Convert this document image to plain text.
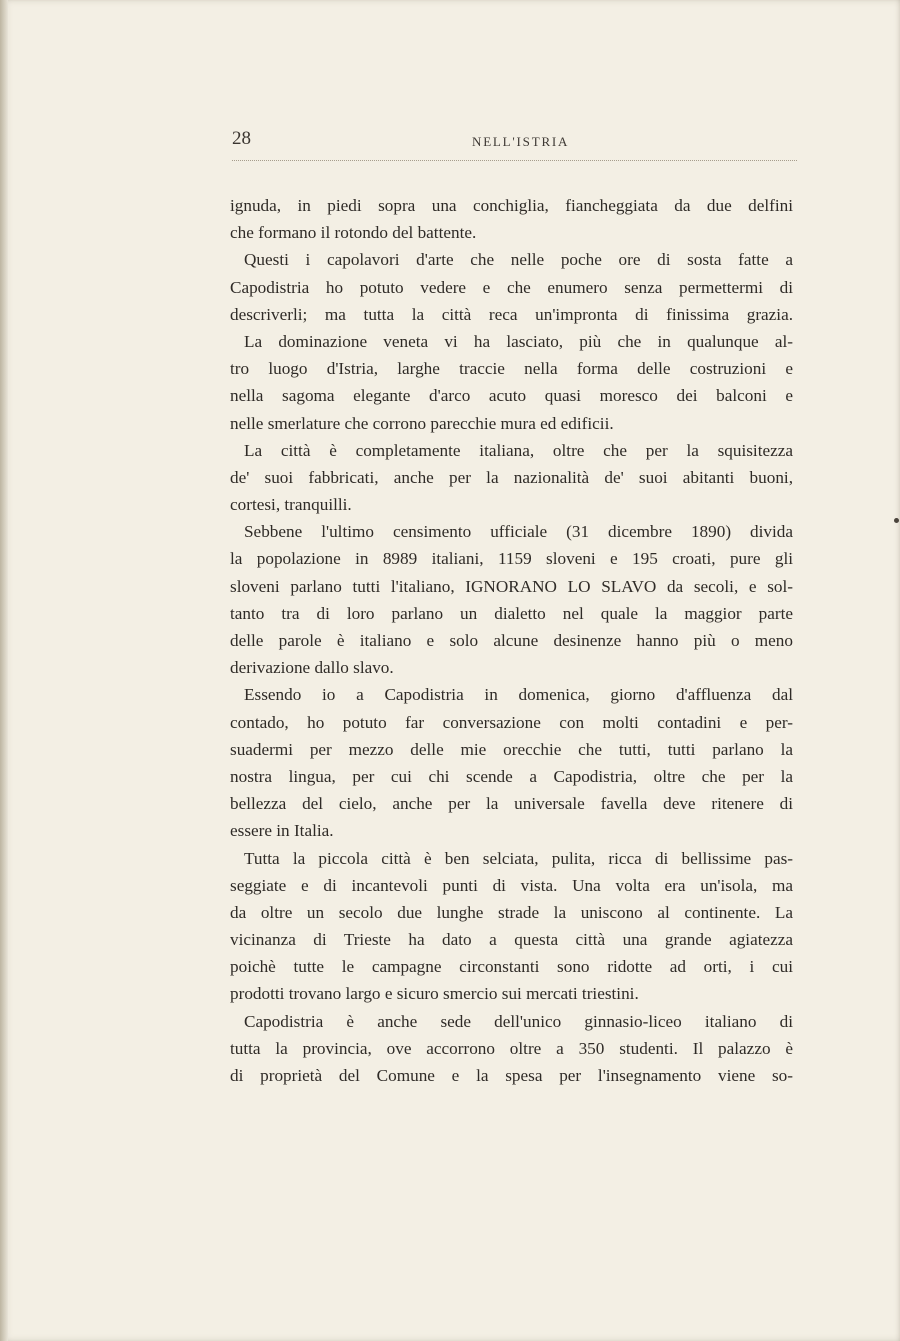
28	NELL'ISTRIA
ignuda, in piedi sopra una conchiglia, fiancheggiata da due delfini
che formano il rotondo del battente.
Questi i capolavori d'arte che nelle poche ore di sosta fatte a
Capodistria ho potuto vedere e che enumero senza permettermi di
descriverli; ma tutta la città reca un'impronta di finissima grazia.
La dominazione veneta vi ha lasciato, più che in qualunque al-
tro luogo d'Istria, larghe traccie nella forma delle costruzioni e
nella sagoma elegante d'arco acuto quasi moresco dei balconi e
nelle smerlature che corrono parecchie mura ed edificii.
La città è completamente italiana, oltre che per la squisitezza
de' suoi fabbricati, anche per la nazionalità de' suoi abitanti buoni,
cortesi, tranquilli.
Sebbene l'ultimo censimento ufficiale (31 dicembre 1890) divida
la popolazione in 8989 italiani, 1159 sloveni e 195 croati, pure gli
sloveni parlano tutti l'italiano, IGNORANO LO SLAVO da secoli, e sol-
tanto tra di loro parlano un dialetto nel quale la maggior parte
delle parole è italiano e solo alcune desinenze hanno più o meno
derivazione dallo slavo.
Essendo io a Capodistria in domenica, giorno d'affluenza dal
contado, ho potuto far conversazione con molti contadini e per-
suadermi per mezzo delle mie orecchie che tutti, tutti parlano la
nostra lingua, per cui chi scende a Capodistria, oltre che per la
bellezza del cielo, anche per la universale favella deve ritenere di
essere in Italia.
Tutta la piccola città è ben selciata, pulita, ricca di bellissime pas-
seggiate e di incantevoli punti di vista. Una volta era un'isola, ma
da oltre un secolo due lunghe strade la uniscono al continente. La
vicinanza di Trieste ha dato a questa città una grande agiatezza
poichè tutte le campagne circonstanti sono ridotte ad orti, i cui
prodotti trovano largo e sicuro smercio sui mercati triestini.
Capodistria è anche sede dell'unico ginnasio-liceo italiano di
tutta la provincia, ove accorrono oltre a 350 studenti. Il palazzo è
di proprietà del Comune e la spesa per l'insegnamento viene so-
